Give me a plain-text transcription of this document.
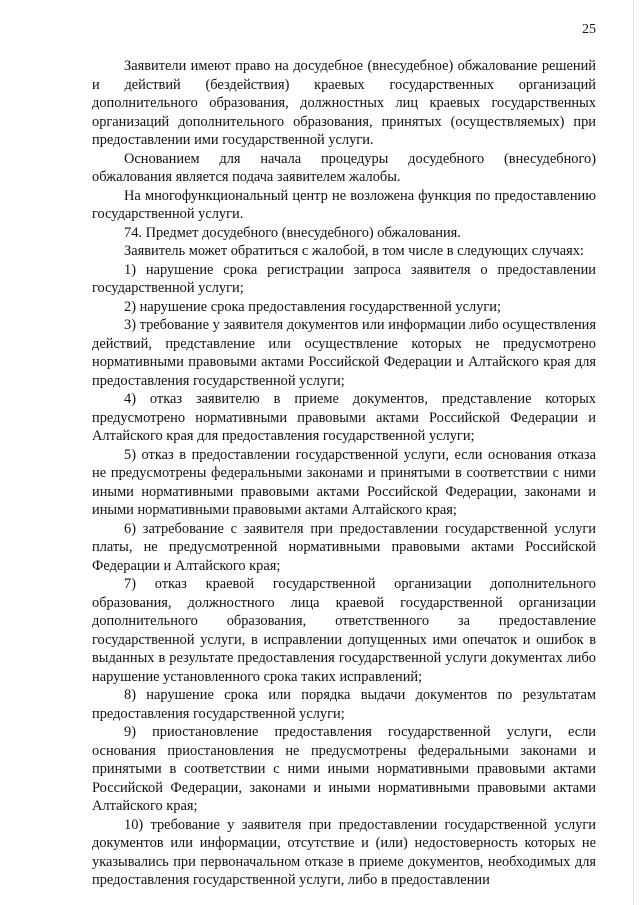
25

Заявители имеют право на досудебное (внесудебное) обжалование решений и действий (бездействия) краевых государственных организаций дополнительного образования, должностных лиц краевых государственных организаций дополнительного образования, принятых (осуществляемых) при предоставлении ими государственной услуги.

Основанием для начала процедуры досудебного (внесудебного) обжалования является подача заявителем жалобы.

На многофункциональный центр не возложена функция по предоставлению государственной услуги.

74. Предмет досудебного (внесудебного) обжалования.

Заявитель может обратиться с жалобой, в том числе в следующих случаях:

1) нарушение срока регистрации запроса заявителя о предоставлении государственной услуги;

2) нарушение срока предоставления государственной услуги;

3) требование у заявителя документов или информации либо осуществления действий, представление или осуществление которых не предусмотрено нормативными правовыми актами Российской Федерации и Алтайского края для предоставления государственной услуги;

4) отказ заявителю в приеме документов, представление которых предусмотрено нормативными правовыми актами Российской Федерации и Алтайского края для предоставления государственной услуги;

5) отказ в предоставлении государственной услуги, если основания отказа не предусмотрены федеральными законами и принятыми в соответствии с ними иными нормативными правовыми актами Российской Федерации, законами и иными нормативными правовыми актами Алтайского края;

6) затребование с заявителя при предоставлении государственной услуги платы, не предусмотренной нормативными правовыми актами Российской Федерации и Алтайского края;

7) отказ краевой государственной организации дополнительного образования, должностного лица краевой государственной организации дополнительного образования, ответственного за предоставление государственной услуги, в исправлении допущенных ими опечаток и ошибок в выданных в результате предоставления государственной услуги документах либо нарушение установленного срока таких исправлений;

8) нарушение срока или порядка выдачи документов по результатам предоставления государственной услуги;

9) приостановление предоставления государственной услуги, если основания приостановления не предусмотрены федеральными законами и принятыми в соответствии с ними иными нормативными правовыми актами Российской Федерации, законами и иными нормативными правовыми актами Алтайского края;

10) требование у заявителя при предоставлении государственной услуги документов или информации, отсутствие и (или) недостоверность которых не указывались при первоначальном отказе в приеме документов, необходимых для предоставления государственной услуги, либо в предоставлении
